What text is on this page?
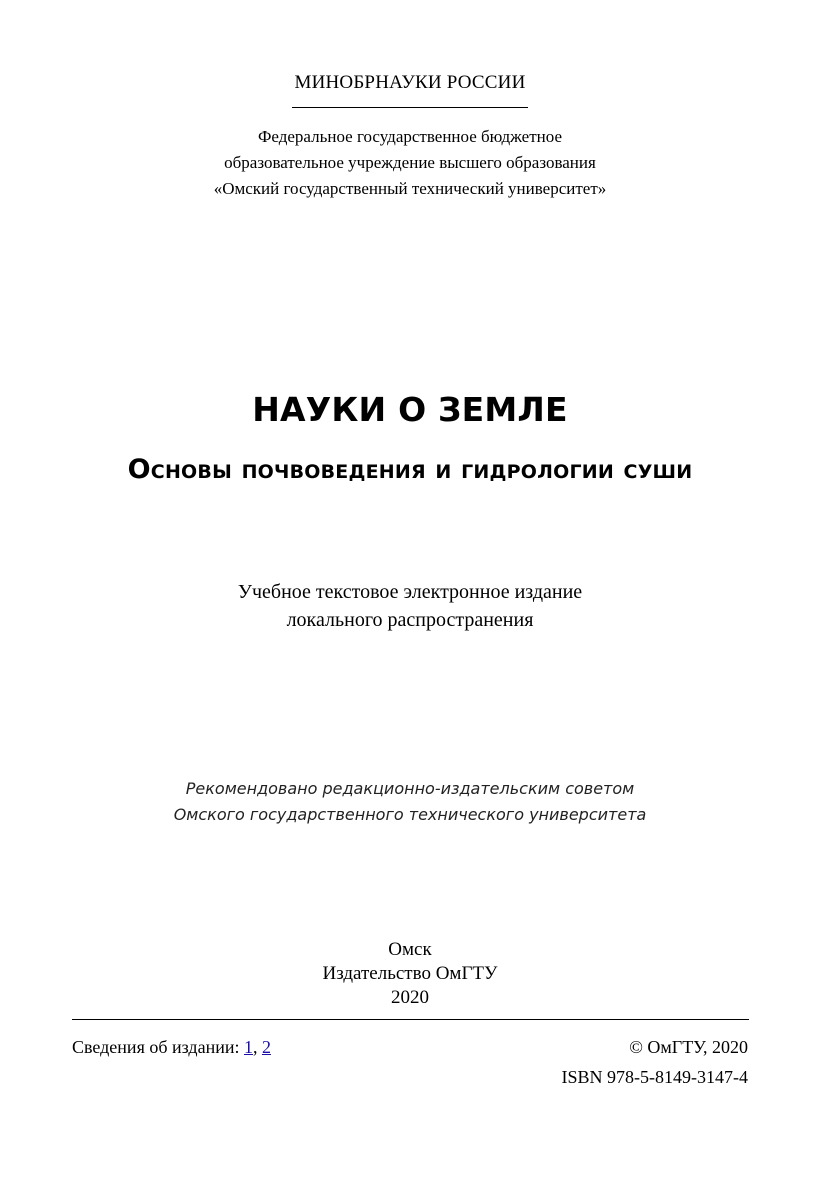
МИНОБРНАУКИ РОССИИ
Федеральное государственное бюджетное
образовательное учреждение высшего образования
«Омский государственный технический университет»
НАУКИ О ЗЕМЛЕ
Основы почвоведения и гидрологии суши
Учебное текстовое электронное издание
локального распространения
Рекомендовано редакционно-издательским советом
Омского государственного технического университета
Омск
Издательство ОмГТУ
2020
Сведения об издании: 1, 2	© ОмГТУ, 2020
ISBN 978-5-8149-3147-4
